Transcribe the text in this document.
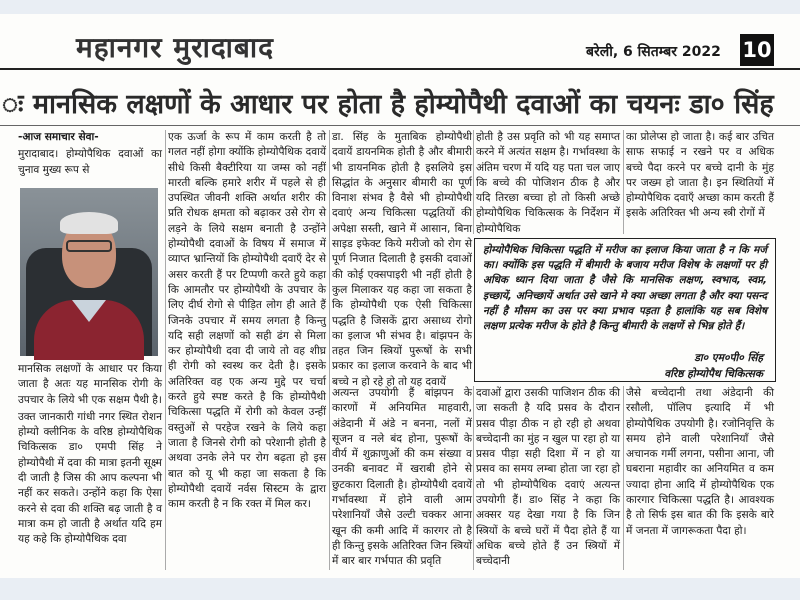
महानगर मुरादाबाद	बरेली, 6 सितम्बर 2022 10
ः मानसिक लक्षणों के आधार पर होता है होम्योपैथी दवाओं का चयनः डा० सिंह

-आज समाचार सेवा-

मुरादाबाद। होम्योपैथिक दवाओं का चुनाव मुख्य रूप से

मानसिक लक्षणों के आधार पर किया जाता है अतः यह मानसिक रोगी के उपचार के लिये भी एक सक्षम पैथी है।

उक्त जानकारी गांधी नगर स्थित रोशन होम्यो क्लीनिक के वरिष्ठ होम्योपैथिक चिकित्सक डा० एमपी सिंह ने होम्योपैथी में दवा की मात्रा इतनी सूक्ष्म दी जाती है जिस की आप कल्पना भी नहीं कर सकते। उन्होंने कहा कि ऐसा करने से दवा की शक्ति बढ़ जाती है व मात्रा कम हो जाती है अर्थात यदि हम यह कहे कि होम्योपैथिक दवा

एक ऊर्जा के रूप में काम करती है तो गलत नहीं होगा क्योंकि होम्योपैथिक दवायें सीधे किसी बैक्टीरिया या जम्स को नहीं मारती बल्कि हमारे शरीर में पहले से ही उपस्थित जीवनी शक्ति अर्थात शरीर की प्रति रोधक क्षमता को बढ़ाकर उसे रोग से लड़ने के लिये सक्षम बनाती है उन्होंने होम्योपैथी दवाओं के विषय में समाज में व्याप्त भ्रान्तियों कि होम्योपैथी दवाएँ देर से असर करती हैं पर टिप्पणी करते हुये कहा कि आमतौर पर होम्योपैथी के उपचार के लिए दीर्घ रोगो से पीड़ित लोग ही आते हैं जिनके उपचार में समय लगता है किन्तु यदि सही लक्षणों को सही ढंग से मिला कर होम्योपैथी दवा दी जाये तो वह शीघ्र ही रोगी को स्वस्थ कर देती है। इसके अतिरिक्त वह एक अन्य मुद्दे पर चर्चा करते हुये स्पष्ट करते है कि होम्योपैथी चिकित्सा पद्धति में रोगी को केवल उन्हीं वस्तुओं से परहेज रखने के लिये कहा जाता है जिनसे रोगी को परेशानी होती है अथवा उनके लेने पर रोग बढ़ता हो इस बात को यू भी कहा जा सकता है कि होम्योपैथी दवायें नर्वस सिस्टम के द्वारा काम करती है न कि रक्त में मिल कर।

डा. सिंह के मुताबिक होम्योपैथी दवायें डायनमिक होती है और बीमारी भी डायनमिक होती है इसलिये इस सिद्धांत के अनुसार बीमारी का पूर्ण विनाश संभव है वैसे भी होम्योपैथी दवाएं अन्य चिकित्सा पद्धतियों की अपेक्षा सस्ती, खाने में आसान, बिना साइड इफेक्ट किये मरीजो को रोग से पूर्ण निजात दिलाती है इसकी दवाओं की कोई एक्सपाइरी भी नहीं होती है कुल मिलाकर यह कहा जा सकता है कि होम्योपैथी एक ऐसी चिकित्सा पद्धति है जिसकें द्वारा असाध्य रोगो का इलाज भी संभव है। बांझपन के तहत जिन स्त्रियों पुरूषों के सभी प्रकार का इलाज करवाने के बाद भी बच्चे न हो रहे हो तो यह दवायें

अत्यन्त उपयोगी हैं बांझपन के कारणों में अनियमित माहवारी, अंडेदानी में अंडे न बनना, नलों में सूजन व नले बंद होना, पुरूषों के वीर्य में शुक्राणुओं की कम संख्या व उनकी बनावट में खराबी होने से छुटकारा दिलाती है। होम्योपैथी दवायें गर्भावस्था में होने वाली आम परेशानियाँ जैसे उल्टी चक्कर आना खून की कमी आदि में कारगर तो है ही किन्तु इसके अतिरिक्त जिन स्त्रियों में बार बार गर्भपात की प्रवृति

होती है उस प्रवृति को भी यह समाप्त करने में अत्यंत सक्षम है। गर्भावस्था के अंतिम चरण में यदि यह पता चल जाए कि बच्चे की पोजिशन ठीक है और यदि तिरछा बच्चा हो तो किसी अच्छे होम्योपैथिक चिकित्सक के निर्देशन में होम्योपैथिक

दवाओं द्वारा उसकी पाजिशन ठीक की जा सकती है यदि प्रसव के दौरान प्रसव पीड़ा ठीक न हो रही हो अथवा बच्चेदानी का मुंह न खुल पा रहा हो या प्रसव पीड़ा सही दिशा में न हो या प्रसव का समय लम्बा होता जा रहा हो तो भी होम्योपैथिक दवाएं अत्यन्त उपयोगी हैं। डा० सिंह ने कहा कि अक्सर यह देखा गया है कि जिन स्त्रियों के बच्चे घरों में पैदा होते हैं या अधिक बच्चे होते हैं उन स्त्रियों में बच्चेदानी

का प्रोलेप्स हो जाता है। कई बार उचित साफ सफाई न रखने पर व अधिक बच्चे पैदा करने पर बच्चे दानी के मुंह पर जख्म हो जाता है। इन स्थितियों में होम्योपैथिक दवाएँ अच्छा काम करती हैं इसके अतिरिक्त भी अन्य स्त्री रोगों में

जैसे बच्चेदानी तथा अंडेदानी की रसौली, पॉलिप इत्यादि में भी होम्योपैथिक उपयोगी है। रजोनिवृत्ति के समय होने वाली परेशानियाँ जैसे अचानक गर्मी लगना, पसीना आना, जी घबराना महावीर का अनियमित व कम ज्यादा होना आदि में होम्योपैथिक एक कारगार चिकित्सा पद्धति है। आवश्यक है तो सिर्फ इस बात की कि इसके बारे में जनता में जागरूकता पैदा हो।

होम्योपैथिक चिकित्सा पद्धति में मरीज का इलाज किया जाता है न कि मर्ज का। क्योंकि इस पद्धति में बीमारी के बजाय मरीज विशेष के लक्षणों पर ही अधिक ध्यान दिया जाता है जैसे कि मानसिक लक्षण, स्वभाव, स्वप्न, इच्छायें, अनिच्छायें अर्थात उसे खाने मे क्या अच्छा लगता है और क्या पसन्द नहीं है मौसम का उस पर क्या प्रभाव पड़ता है हालांकि यह सब विशेष लक्षण प्रत्येक मरीज के होते है किन्तु बीमारी के लक्षणें से भिन्न होते हैं।
डा० एम०पी० सिंह
वरिष्ठ होम्योपैथ चिकित्सक
